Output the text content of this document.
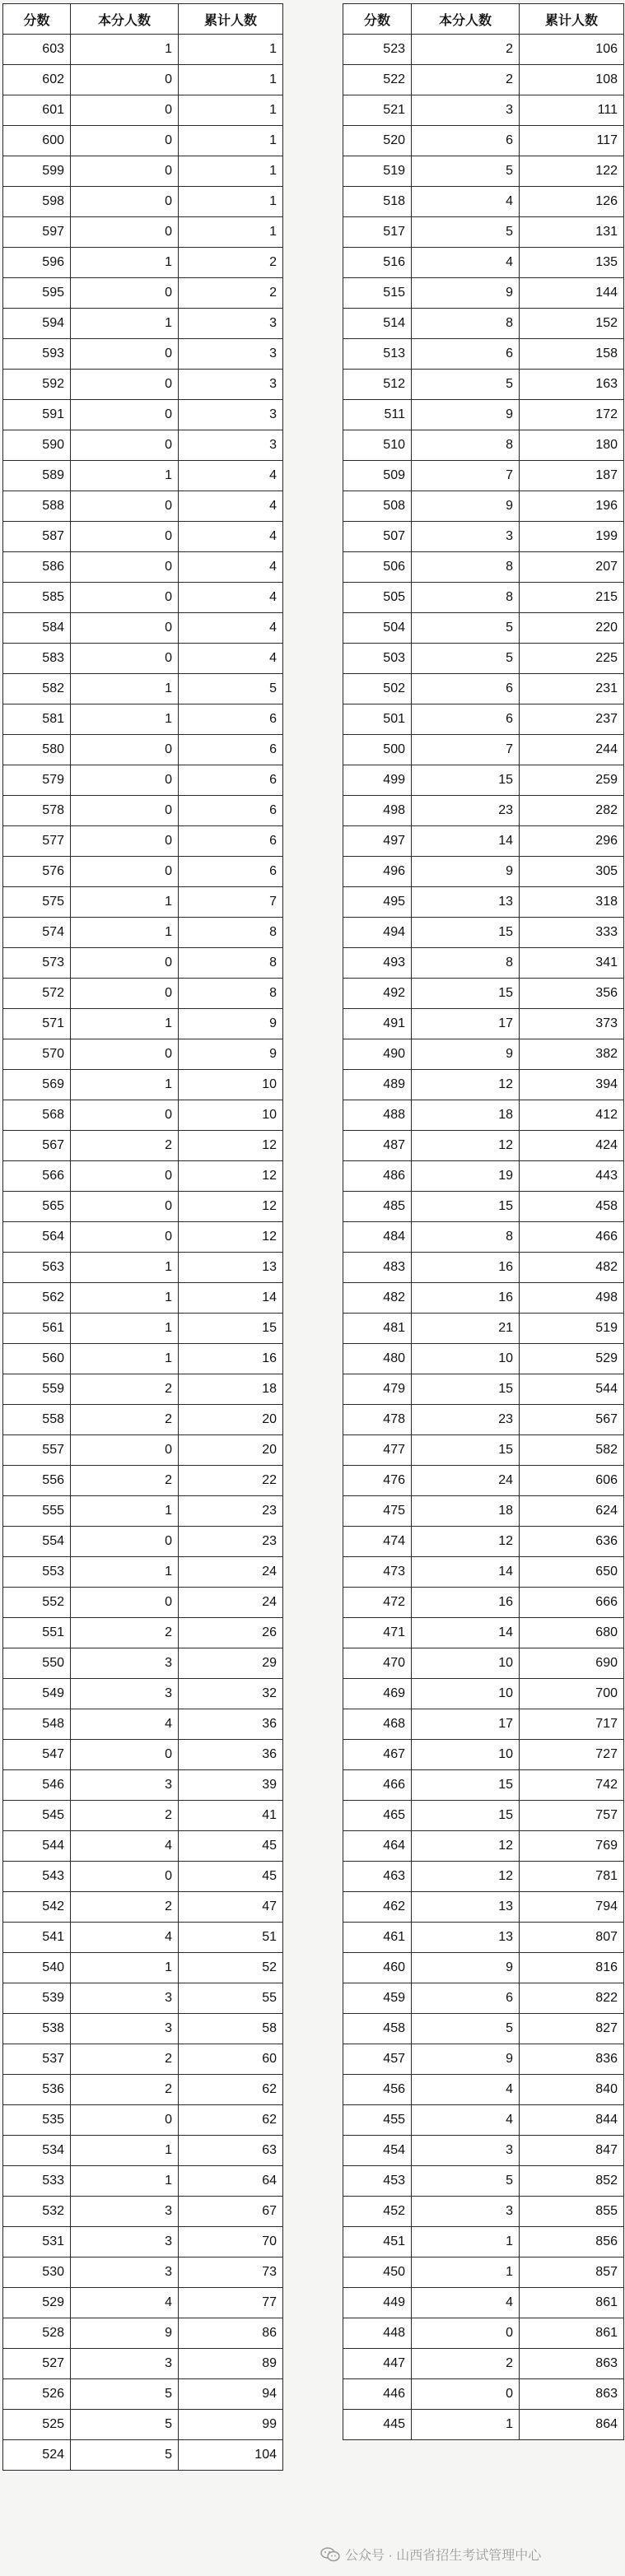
分数	本分人数	累计人数
603	1	1
602	0	1
601	0	1
600	0	1
599	0	1
598	0	1
597	0	1
596	1	2
595	0	2
594	1	3
593	0	3
592	0	3
591	0	3
590	0	3
589	1	4
588	0	4
587	0	4
586	0	4
585	0	4
584	0	4
583	0	4
582	1	5
581	1	6
580	0	6
579	0	6
578	0	6
577	0	6
576	0	6
575	1	7
574	1	8
573	0	8
572	0	8
571	1	9
570	0	9
569	1	10
568	0	10
567	2	12
566	0	12
565	0	12
564	0	12
563	1	13
562	1	14
561	1	15
560	1	16
559	2	18
558	2	20
557	0	20
556	2	22
555	1	23
554	0	23
553	1	24
552	0	24
551	2	26
550	3	29
549	3	32
548	4	36
547	0	36
546	3	39
545	2	41
544	4	45
543	0	45
542	2	47
541	4	51
540	1	52
539	3	55
538	3	58
537	2	60
536	2	62
535	0	62
534	1	63
533	1	64
532	3	67
531	3	70
530	3	73
529	4	77
528	9	86
527	3	89
526	5	94
525	5	99
524	5	104
分数	本分人数	累计人数
523	2	106
522	2	108
521	3	111
520	6	117
519	5	122
518	4	126
517	5	131
516	4	135
515	9	144
514	8	152
513	6	158
512	5	163
511	9	172
510	8	180
509	7	187
508	9	196
507	3	199
506	8	207
505	8	215
504	5	220
503	5	225
502	6	231
501	6	237
500	7	244
499	15	259
498	23	282
497	14	296
496	9	305
495	13	318
494	15	333
493	8	341
492	15	356
491	17	373
490	9	382
489	12	394
488	18	412
487	12	424
486	19	443
485	15	458
484	8	466
483	16	482
482	16	498
481	21	519
480	10	529
479	15	544
478	23	567
477	15	582
476	24	606
475	18	624
474	12	636
473	14	650
472	16	666
471	14	680
470	10	690
469	10	700
468	17	717
467	10	727
466	15	742
465	15	757
464	12	769
463	12	781
462	13	794
461	13	807
460	9	816
459	6	822
458	5	827
457	9	836
456	4	840
455	4	844
454	3	847
453	5	852
452	3	855
451	1	856
450	1	857
449	4	861
448	0	861
447	2	863
446	0	863
445	1	864
公众号 · 山西省招生考试管理中心
